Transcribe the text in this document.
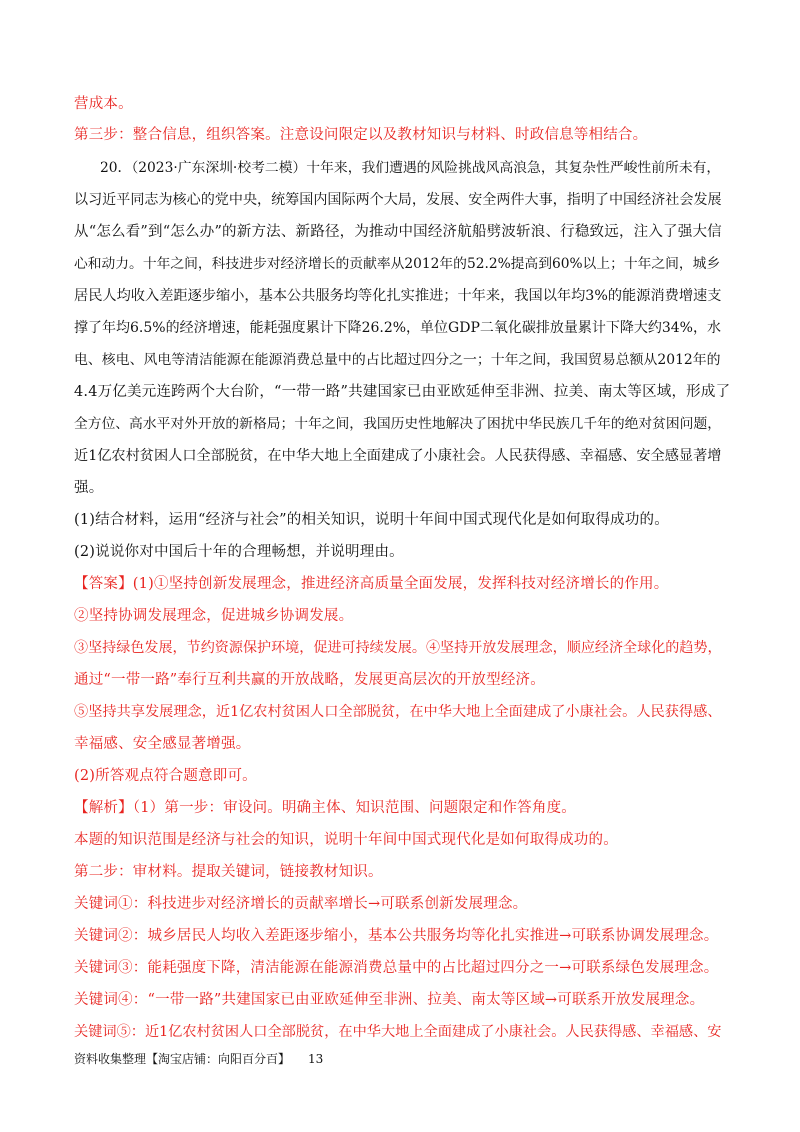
营成本。
第三步：整合信息，组织答案。注意设问限定以及教材知识与材料、时政信息等相结合。
20．（2023·广东深圳·校考二模）十年来，我们遭遇的风险挑战风高浪急，其复杂性严峻性前所未有，
以习近平同志为核心的党中央，统筹国内国际两个大局，发展、安全两件大事，指明了中国经济社会发展
从“怎么看”到“怎么办”的新方法、新路径，为推动中国经济航船劈波斩浪、行稳致远，注入了强大信
心和动力。十年之间，科技进步对经济增长的贡献率从2012年的52.2%提高到60%以上；十年之间，城乡
居民人均收入差距逐步缩小，基本公共服务均等化扎实推进；十年来，我国以年均3%的能源消费增速支
撑了年均6.5%的经济增速，能耗强度累计下降26.2%，单位GDP二氧化碳排放量累计下降大约34%，水
电、核电、风电等清洁能源在能源消费总量中的占比超过四分之一；十年之间，我国贸易总额从2012年的
4.4万亿美元连跨两个大台阶，“一带一路”共建国家已由亚欧延伸至非洲、拉美、南太等区域，形成了
全方位、高水平对外开放的新格局；十年之间，我国历史性地解决了困扰中华民族几千年的绝对贫困问题，
近1亿农村贫困人口全部脱贫，在中华大地上全面建成了小康社会。人民获得感、幸福感、安全感显著增
强。
(1)结合材料，运用“经济与社会”的相关知识，说明十年间中国式现代化是如何取得成功的。
(2)说说你对中国后十年的合理畅想，并说明理由。
【答案】(1)①坚持创新发展理念，推进经济高质量全面发展，发挥科技对经济增长的作用。
②坚持协调发展理念，促进城乡协调发展。
③坚持绿色发展，节约资源保护环境，促进可持续发展。④坚持开放发展理念，顺应经济全球化的趋势，
通过“一带一路”奉行互利共赢的开放战略，发展更高层次的开放型经济。
⑤坚持共享发展理念，近1亿农村贫困人口全部脱贫，在中华大地上全面建成了小康社会。人民获得感、
幸福感、安全感显著增强。
(2)所答观点符合题意即可。
【解析】（1）第一步：审设问。明确主体、知识范围、问题限定和作答角度。
本题的知识范围是经济与社会的知识，说明十年间中国式现代化是如何取得成功的。
第二步：审材料。提取关键词，链接教材知识。
关键词①：科技进步对经济增长的贡献率增长→可联系创新发展理念。
关键词②：城乡居民人均收入差距逐步缩小，基本公共服务均等化扎实推进→可联系协调发展理念。
关键词③：能耗强度下降，清洁能源在能源消费总量中的占比超过四分之一→可联系绿色发展理念。
关键词④：“一带一路”共建国家已由亚欧延伸至非洲、拉美、南太等区域→可联系开放发展理念。
关键词⑤：近1亿农村贫困人口全部脱贫，在中华大地上全面建成了小康社会。人民获得感、幸福感、安
资料收集整理【淘宝店铺：向阳百分百】 13
